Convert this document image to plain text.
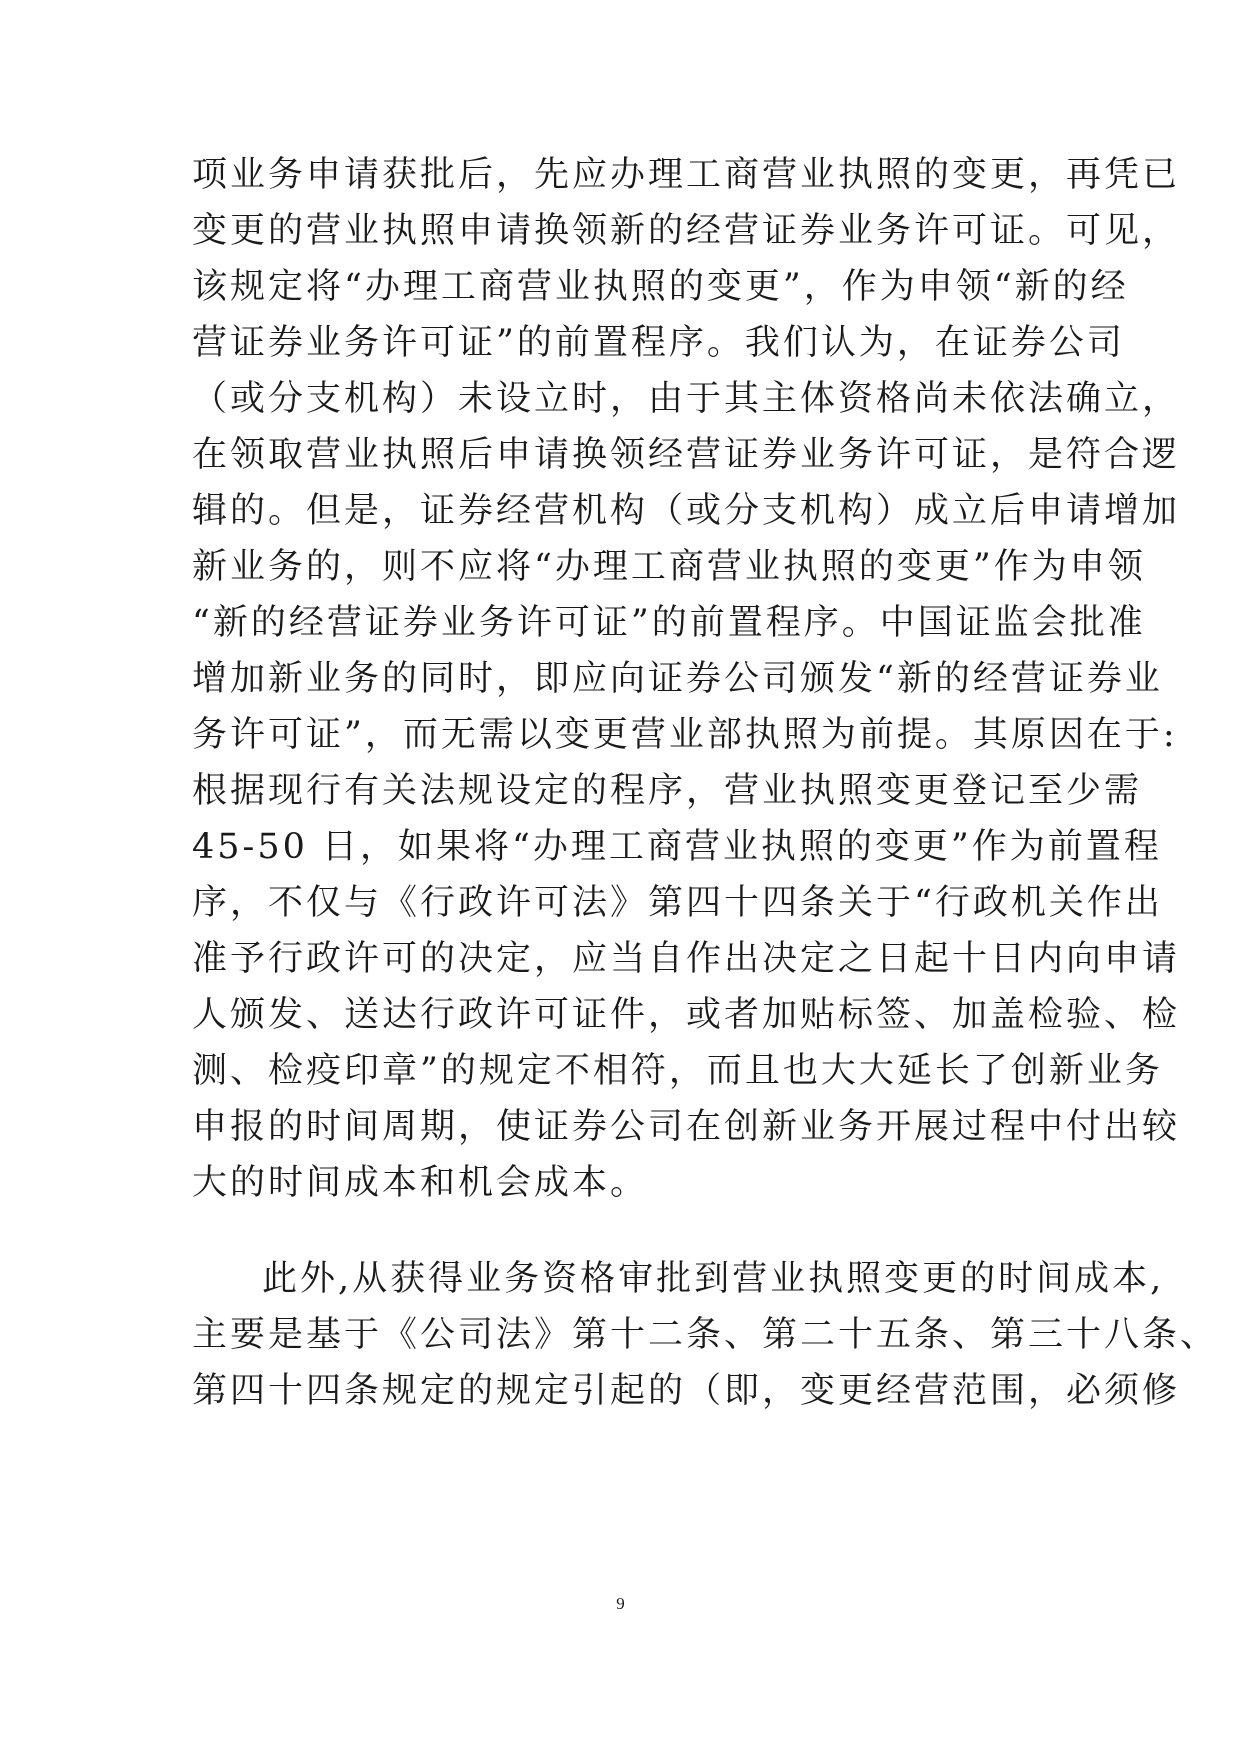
项业务申请获批后，先应办理工商营业执照的变更，再凭已
变更的营业执照申请换领新的经营证券业务许可证。可见，
该规定将“办理工商营业执照的变更”，作为申领“新的经
营证券业务许可证”的前置程序。我们认为，在证券公司
（或分支机构）未设立时，由于其主体资格尚未依法确立，
在领取营业执照后申请换领经营证券业务许可证，是符合逻
辑的。但是，证券经营机构（或分支机构）成立后申请增加
新业务的，则不应将“办理工商营业执照的变更”作为申领
“新的经营证券业务许可证”的前置程序。中国证监会批准
增加新业务的同时，即应向证券公司颁发“新的经营证券业
务许可证”，而无需以变更营业部执照为前提。其原因在于:
根据现行有关法规设定的程序，营业执照变更登记至少需
45-50 日，如果将“办理工商营业执照的变更”作为前置程
序，不仅与《行政许可法》第四十四条关于“行政机关作出
准予行政许可的决定，应当自作出决定之日起十日内向申请
人颁发、送达行政许可证件，或者加贴标签、加盖检验、检
测、检疫印章”的规定不相符，而且也大大延长了创新业务
申报的时间周期，使证券公司在创新业务开展过程中付出较
大的时间成本和机会成本。
此外,从获得业务资格审批到营业执照变更的时间成本,
主要是基于《公司法》第十二条、第二十五条、第三十八条、
第四十四条规定的规定引起的（即，变更经营范围，必须修
9
